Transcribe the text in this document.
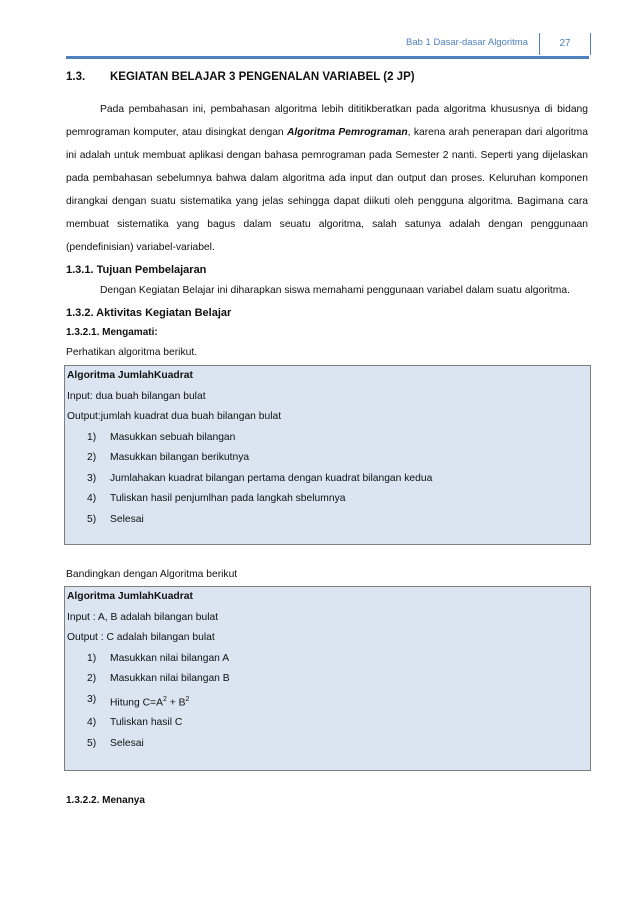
Bab 1 Dasar-dasar Algoritma	27
1.3. KEGIATAN BELAJAR 3 PENGENALAN VARIABEL (2 JP)

Pada pembahasan ini, pembahasan algoritma lebih dititikberatkan pada algoritma khususnya di bidang pemrograman komputer, atau disingkat dengan Algoritma Pemrograman, karena arah penerapan dari algoritma ini adalah untuk membuat aplikasi dengan bahasa pemrograman pada Semester 2 nanti. Seperti yang dijelaskan pada pembahasan sebelumnya bahwa dalam algoritma ada input dan output dan proses. Keluruhan komponen dirangkai dengan suatu sistematika yang jelas sehingga dapat diikuti oleh pengguna algoritma. Bagimana cara membuat sistematika yang bagus dalam seuatu algoritma, salah satunya adalah dengan penggunaan (pendefinisian) variabel-variabel.

1.3.1. Tujuan Pembelajaran

Dengan Kegiatan Belajar ini diharapkan siswa memahami penggunaan variabel dalam suatu algoritma.

1.3.2. Aktivitas Kegiatan Belajar
1.3.2.1. Mengamati:
Perhatikan algoritma berikut.
Algoritma JumlahKuadrat
Input: dua buah bilangan bulat
Output:jumlah kuadrat dua buah bilangan bulat
1)	Masukkan sebuah bilangan
2)	Masukkan bilangan berikutnya
3)	Jumlahakan kuadrat bilangan pertama dengan kuadrat bilangan kedua
4)	Tuliskan hasil penjumlhan pada langkah sbelumnya
5)	Selesai
Bandingkan dengan Algoritma berikut
Algoritma JumlahKuadrat
Input : A, B adalah bilangan bulat
Output : C adalah bilangan bulat
1)	Masukkan nilai bilangan A
2)	Masukkan nilai bilangan B
3)	Hitung $C=A^2 + B^2$
4)	Tuliskan hasil C
5)	Selesai
1.3.2.2. Menanya
